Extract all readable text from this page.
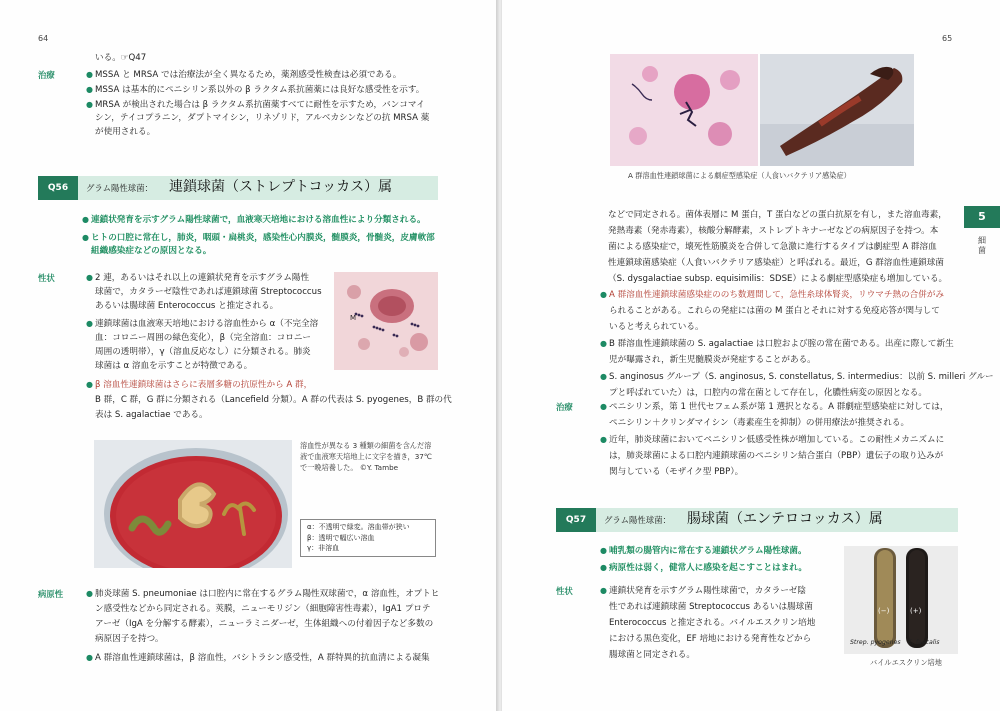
64
いる。☞Q47
治療	● MSSA と MRSA では治療法が全く異なるため，薬剤感受性検査は必須である。
● MSSA は基本的にペニシリン系以外の β ラクタム系抗菌薬には良好な感受性を示す。
● MRSA が検出された場合は β ラクタム系抗菌薬すべてに耐性を示すため，バンコマイシン，テイコプラニン，ダプトマイシン，リネゾリド，アルベカシンなどの抗 MRSA 薬が使用される。
Q56	グラム陽性球菌： 連鎖球菌（ストレプトコッカス）属
● 連鎖状発育を示すグラム陽性球菌で，血液寒天培地における溶血性により分類される。
● ヒトの口腔に常在し，肺炎，咽頭・扁桃炎，感染性心内膜炎，髄膜炎，骨髄炎，皮膚軟部組織感染症などの原因となる。
性状	● 2 連，あるいはそれ以上の連鎖状発育を示すグラム陽性
球菌で，カタラーゼ陰性であれば連鎖球菌 Streptococcus
あるいは腸球菌 Enterococcus と推定される。
● 連鎖球菌は血液寒天培地における溶血性から α（不完全溶
血：コロニー周囲の緑色変化），β（完全溶血：コロニー
周囲の透明帯），γ（溶血反応なし）に分類される。肺炎
球菌は α 溶血を示すことが特徴である。
● β 溶血性連鎖球菌はさらに表層多糖の抗原性から A 群，
B 群，C 群，G 群に分類される（Lancefield 分類）。A 群の代表は S. pyogenes，B 群の代
表は S. agalactiae である。
M
溶血性が異なる 3 種類の細菌を含んだ溶
液で血液寒天培地上に文字を描き，37℃
で一晩培養した。 ©Y. Tambe
α：不透明で緑変。溶血帯が狭い
β：透明で幅広い溶血
γ：非溶血
病原性	● 肺炎球菌 S. pneumoniae は口腔内に常在するグラム陽性双球菌で，α 溶血性，オプトヒ
ン感受性などから同定される。莢膜，ニューモリジン（細胞障害性毒素），IgA1 プロテ
アーゼ（IgA を分解する酵素），ニューラミニダーゼ，生体組織への付着因子など多数の
病原因子を持つ。
● A 群溶血性連鎖球菌は，β 溶血性，バシトラシン感受性，A 群特異的抗血清による凝集
65
5
細菌
A 群溶血性連鎖球菌による劇症型感染症（人食いバクテリア感染症）
などで同定される。菌体表層に M 蛋白，T 蛋白などの蛋白抗原を有し，また溶血毒素，
発熱毒素（発赤毒素），核酸分解酵素，ストレプトキナーゼなどの病原因子を持つ。本
菌による感染症で，壊死性筋膜炎を合併して急激に進行するタイプは劇症型 A 群溶血
性連鎖球菌感染症（人食いバクテリア感染症）と呼ばれる。最近，G 群溶血性連鎖球菌
（S. dysgalactiae subsp. equisimilis：SDSE）による劇症型感染症も増加している。
● A 群溶血性連鎖球菌感染症ののち数週間して，急性糸球体腎炎，リウマチ熱の合併がみ
られることがある。これらの発症には菌の M 蛋白とそれに対する免疫応答が関与して
いると考えられている。
● B 群溶血性連鎖球菌の S. agalactiae は口腔および腟の常在菌である。出産に際して新生
児が曝露され，新生児髄膜炎が発症することがある。
● S. anginosus グループ（S. anginosus, S. constellatus, S. intermedius：以前 S. milleri グルー
プと呼ばれていた）は，口腔内の常在菌として存在し，化膿性病変の原因となる。
治療	● ペニシリン系，第 1 世代セフェム系が第 1 選択となる。A 群劇症型感染症に対しては，
ペニシリン＋クリンダマイシン（毒素産生を抑制）の併用療法が推奨される。
● 近年，肺炎球菌においてペニシリン低感受性株が増加している。この耐性メカニズムに
は，肺炎球菌による口腔内連鎖球菌のペニシリン結合蛋白（PBP）遺伝子の取り込みが
関与している（モザイク型 PBP）。
Q57	グラム陽性球菌： 腸球菌（エンテロコッカス）属
● 哺乳類の腸管内に常在する連鎖状グラム陽性球菌。
● 病原性は弱く，健常人に感染を起こすことはまれ。
性状	● 連鎖状発育を示すグラム陽性球菌で，カタラーゼ陰
性であれば連鎖球菌 Streptococcus あるいは腸球菌
Enterococcus と推定される。バイルエスクリン培地
における黒色変化，EF 培地における発育性などから
腸球菌と同定される。
(−)	(+)
Strep. pyogenes E. faecalis
バイルエスクリン培地
